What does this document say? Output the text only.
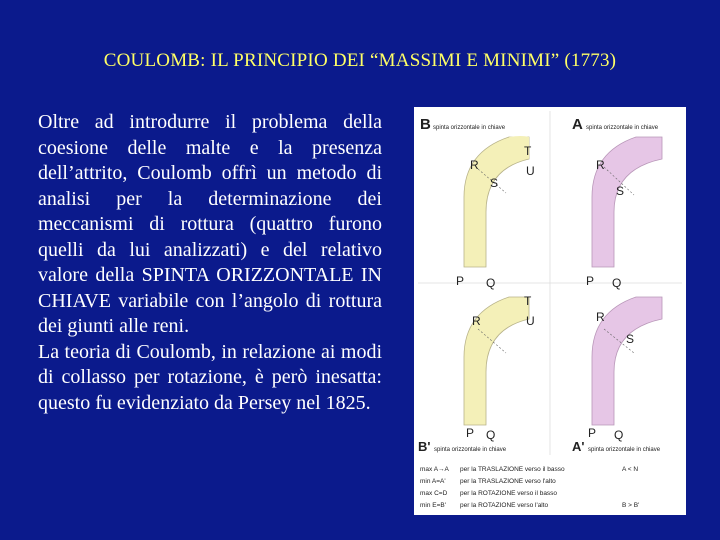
COULOMB: IL PRINCIPIO DEI “MASSIMI E MINIMI” (1773)

Oltre ad introdurre il problema della coesione delle malte e la presenza dell’attrito, Coulomb offrì un metodo di analisi per la determinazione dei meccanismi di rottura (quattro furono quelli da lui analizzati) e del relativo valore della SPINTA ORIZZONTALE IN CHIAVE variabile con l’angolo di rottura dei giunti alle reni.

La teoria di Coulomb, in relazione ai modi di collasso per rotazione, è però inesatta: questo fu evidenziato da Persey nel 1825.

B spinta orizzontale in chiave
R
S
T
U
P Q
A spinta orizzontale in chiave
R
S
P Q
R
T
U
P Q
B' spinta orizzontale in chiave
R
S
P Q
A' spinta orizzontale in chiave
max A→A per la TRASLAZIONE verso il basso	A < N
min A=A' per la TRASLAZIONE verso l'alto
max C=D per la ROTAZIONE verso il basso
min E=B' per la ROTAZIONE verso l'alto	B > B'
